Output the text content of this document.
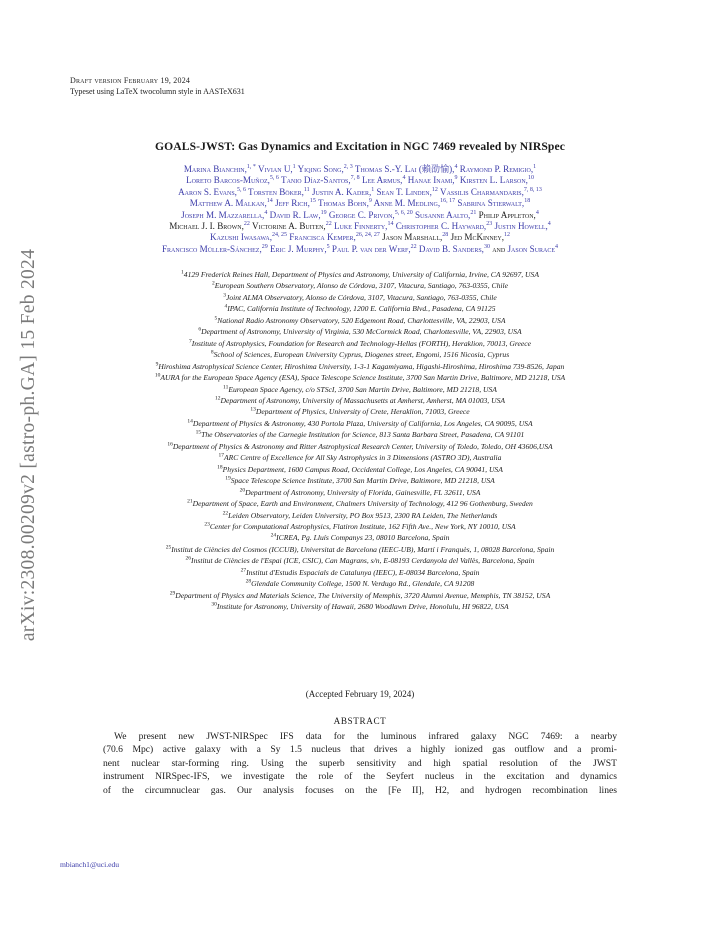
arXiv:2308.00209v2 [astro-ph.GA] 15 Feb 2024
Draft version February 19, 2024
Typeset using LaTeX twocolumn style in AASTeX631
GOALS-JWST: Gas Dynamics and Excitation in NGC 7469 revealed by NIRSpec
Marina Bianchin,$^{1, *}$ Vivian U,$^1$ Yiqing Song,$^{2, 3}$ Thomas S.-Y. Lai (賴劭愉),$^4$ Raymond P. Remigio,$^1$
Loreto Barcos-Muñoz,$^{5, 6}$ Tanio Díaz-Santos,$^{7, 8}$ Lee Armus,$^4$ Hanae Inami,$^9$ Kirsten L. Larson,$^{10}$
Aaron S. Evans,$^{5, 6}$ Torsten Böker,$^{11}$ Justin A. Kader,$^1$ Sean T. Linden,$^{12}$ Vassilis Charmandaris,$^{7, 8, 13}$
Matthew A. Malkan,$^{14}$ Jeff Rich,$^{15}$ Thomas Bohn,$^9$ Anne M. Medling,$^{16, 17}$ Sabrina Stierwalt,$^{18}$
Joseph M. Mazzarella,$^4$ David R. Law,$^{19}$ George C. Privon,$^{5, 6, 20}$ Susanne Aalto,$^{21}$ Philip Appleton,$^4$
Michael J. I. Brown,$^{22}$ Victorine A. Buiten,$^{22}$ Luke Finnerty,$^{14}$ Christopher C. Hayward,$^{23}$ Justin Howell,$^4$
Kazushi Iwasawa,$^{24, 25}$ Francisca Kemper,$^{26, 24, 27}$ Jason Marshall,$^{28}$ Jed McKinney,$^{12}$
Francisco Müller-Sánchez,$^{29}$ Eric J. Murphy,$^5$ Paul P. van der Werf,$^{22}$ David B. Sanders,$^{30}$ and Jason Surace$^4$
$^1$4129 Frederick Reines Hall, Department of Physics and Astronomy, University of California, Irvine, CA 92697, USA
$^2$European Southern Observatory, Alonso de Córdova, 3107, Vitacura, Santiago, 763-0355, Chile
$^3$Joint ALMA Observatory, Alonso de Córdova, 3107, Vitacura, Santiago, 763-0355, Chile
$^4$IPAC, California Institute of Technology, 1200 E. California Blvd., Pasadena, CA 91125
$^5$National Radio Astronomy Observatory, 520 Edgemont Road, Charlottesville, VA, 22903, USA
$^6$Department of Astronomy, University of Virginia, 530 McCormick Road, Charlottesville, VA, 22903, USA
$^7$Institute of Astrophysics, Foundation for Research and Technology-Hellas (FORTH), Heraklion, 70013, Greece
$^8$School of Sciences, European University Cyprus, Diogenes street, Engomi, 1516 Nicosia, Cyprus
$^9$Hiroshima Astrophysical Science Center, Hiroshima University, 1-3-1 Kagamiyama, Higashi-Hiroshima, Hiroshima 739-8526, Japan
$^{10}$AURA for the European Space Agency (ESA), Space Telescope Science Institute, 3700 San Martin Drive, Baltimore, MD 21218, USA
$^{11}$European Space Agency, c/o STScI, 3700 San Martin Drive, Baltimore, MD 21218, USA
$^{12}$Department of Astronomy, University of Massachusetts at Amherst, Amherst, MA 01003, USA
$^{13}$Department of Physics, University of Crete, Heraklion, 71003, Greece
$^{14}$Department of Physics & Astronomy, 430 Portola Plaza, University of California, Los Angeles, CA 90095, USA
$^{15}$The Observatories of the Carnegie Institution for Science, 813 Santa Barbara Street, Pasadena, CA 91101
$^{16}$Department of Physics & Astronomy and Ritter Astrophysical Research Center, University of Toledo, Toledo, OH 43606,USA
$^{17}$ARC Centre of Excellence for All Sky Astrophysics in 3 Dimensions (ASTRO 3D), Australia
$^{18}$Physics Department, 1600 Campus Road, Occidental College, Los Angeles, CA 90041, USA
$^{19}$Space Telescope Science Institute, 3700 San Martin Drive, Baltimore, MD 21218, USA
$^{20}$Department of Astronomy, University of Florida, Gainesville, FL 32611, USA
$^{21}$Department of Space, Earth and Environment, Chalmers University of Technology, 412 96 Gothenburg, Sweden
$^{22}$Leiden Observatory, Leiden University, PO Box 9513, 2300 RA Leiden, The Netherlands
$^{23}$Center for Computational Astrophysics, Flatiron Institute, 162 Fifth Ave., New York, NY 10010, USA
$^{24}$ICREA, Pg. Lluís Companys 23, 08010 Barcelona, Spain
$^{25}$Institut de Ciències del Cosmos (ICCUB), Universitat de Barcelona (IEEC-UB), Martí i Franquès, 1, 08028 Barcelona, Spain
$^{26}$Institut de Ciències de l'Espai (ICE, CSIC), Can Magrans, s/n, E-08193 Cerdanyola del Vallès, Barcelona, Spain
$^{27}$Institut d'Estudis Espacials de Catalunya (IEEC), E-08034 Barcelona, Spain
$^{28}$Glendale Community College, 1500 N. Verdugo Rd., Glendale, CA 91208
$^{29}$Department of Physics and Materials Science, The University of Memphis, 3720 Alumni Avenue, Memphis, TN 38152, USA
$^{30}$Institute for Astronomy, University of Hawaii, 2680 Woodlawn Drive, Honolulu, HI 96822, USA
(Accepted February 19, 2024)
ABSTRACT
We present new JWST-NIRSpec IFS data for the luminous infrared galaxy NGC 7469: a nearby
(70.6 Mpc) active galaxy with a Sy 1.5 nucleus that drives a highly ionized gas outflow and a promi-
nent nuclear star-forming ring. Using the superb sensitivity and high spatial resolution of the JWST
instrument NIRSpec-IFS, we investigate the role of the Seyfert nucleus in the excitation and dynamics
of the circumnuclear gas. Our analysis focuses on the [Fe II], H2, and hydrogen recombination lines
mbianch1@uci.edu
